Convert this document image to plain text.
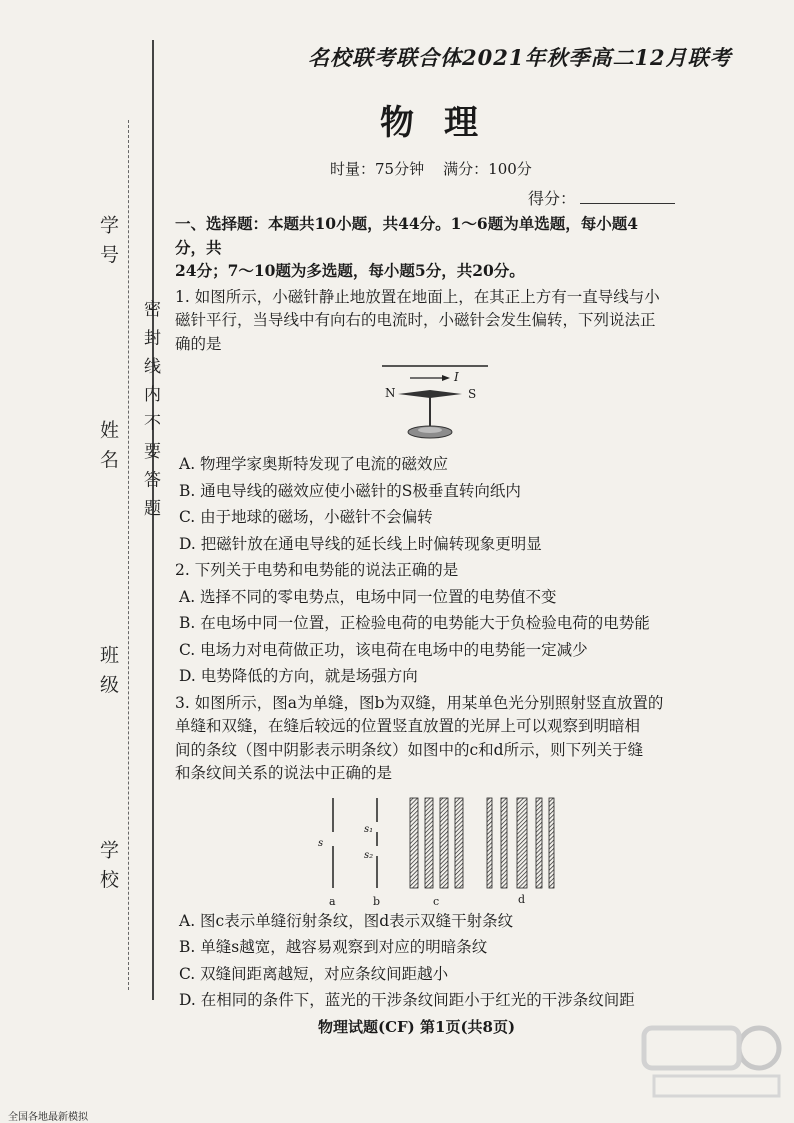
学 号
姓 名
班 级
学 校
密 封 线 内 不 要 答 题
名校联考联合体2021年秋季高二12月联考
物理
时量：75分钟 满分：100分
得分：
一、选择题：本题共10小题，共44分。1～6题为单选题，每小题4分，共
24分；7～10题为多选题，每小题5分，共20分。
1. 如图所示，小磁针静止地放置在地面上，在其正上方有一直导线与小
磁针平行，当导线中有向右的电流时，小磁针会发生偏转，下列说法正
确的是
N	S
I
A. 物理学家奥斯特发现了电流的磁效应
B. 通电导线的磁效应使小磁针的S极垂直转向纸内
C. 由于地球的磁场，小磁针不会偏转
D. 把磁针放在通电导线的延长线上时偏转现象更明显
2. 下列关于电势和电势能的说法正确的是
A. 选择不同的零电势点，电场中同一位置的电势值不变
B. 在电场中同一位置，正检验电荷的电势能大于负检验电荷的电势能
C. 电场力对电荷做正功，该电荷在电场中的电势能一定减少
D. 电势降低的方向，就是场强方向
3. 如图所示，图a为单缝，图b为双缝，用某单色光分别照射竖直放置的
单缝和双缝，在缝后较远的位置竖直放置的光屏上可以观察到明暗相
间的条纹（图中阴影表示明条纹）如图中的c和d所示，则下列关于缝
和条纹间关系的说法中正确的是
s
s₁
s₂
a	b	c	d
A. 图c表示单缝衍射条纹，图d表示双缝干射条纹
B. 单缝s越宽，越容易观察到对应的明暗条纹
C. 双缝间距离越短，对应条纹间距越小
D. 在相同的条件下，蓝光的干涉条纹间距小于红光的干涉条纹间距
物理试题(CF) 第1页(共8页)
全国各地最新模拟
